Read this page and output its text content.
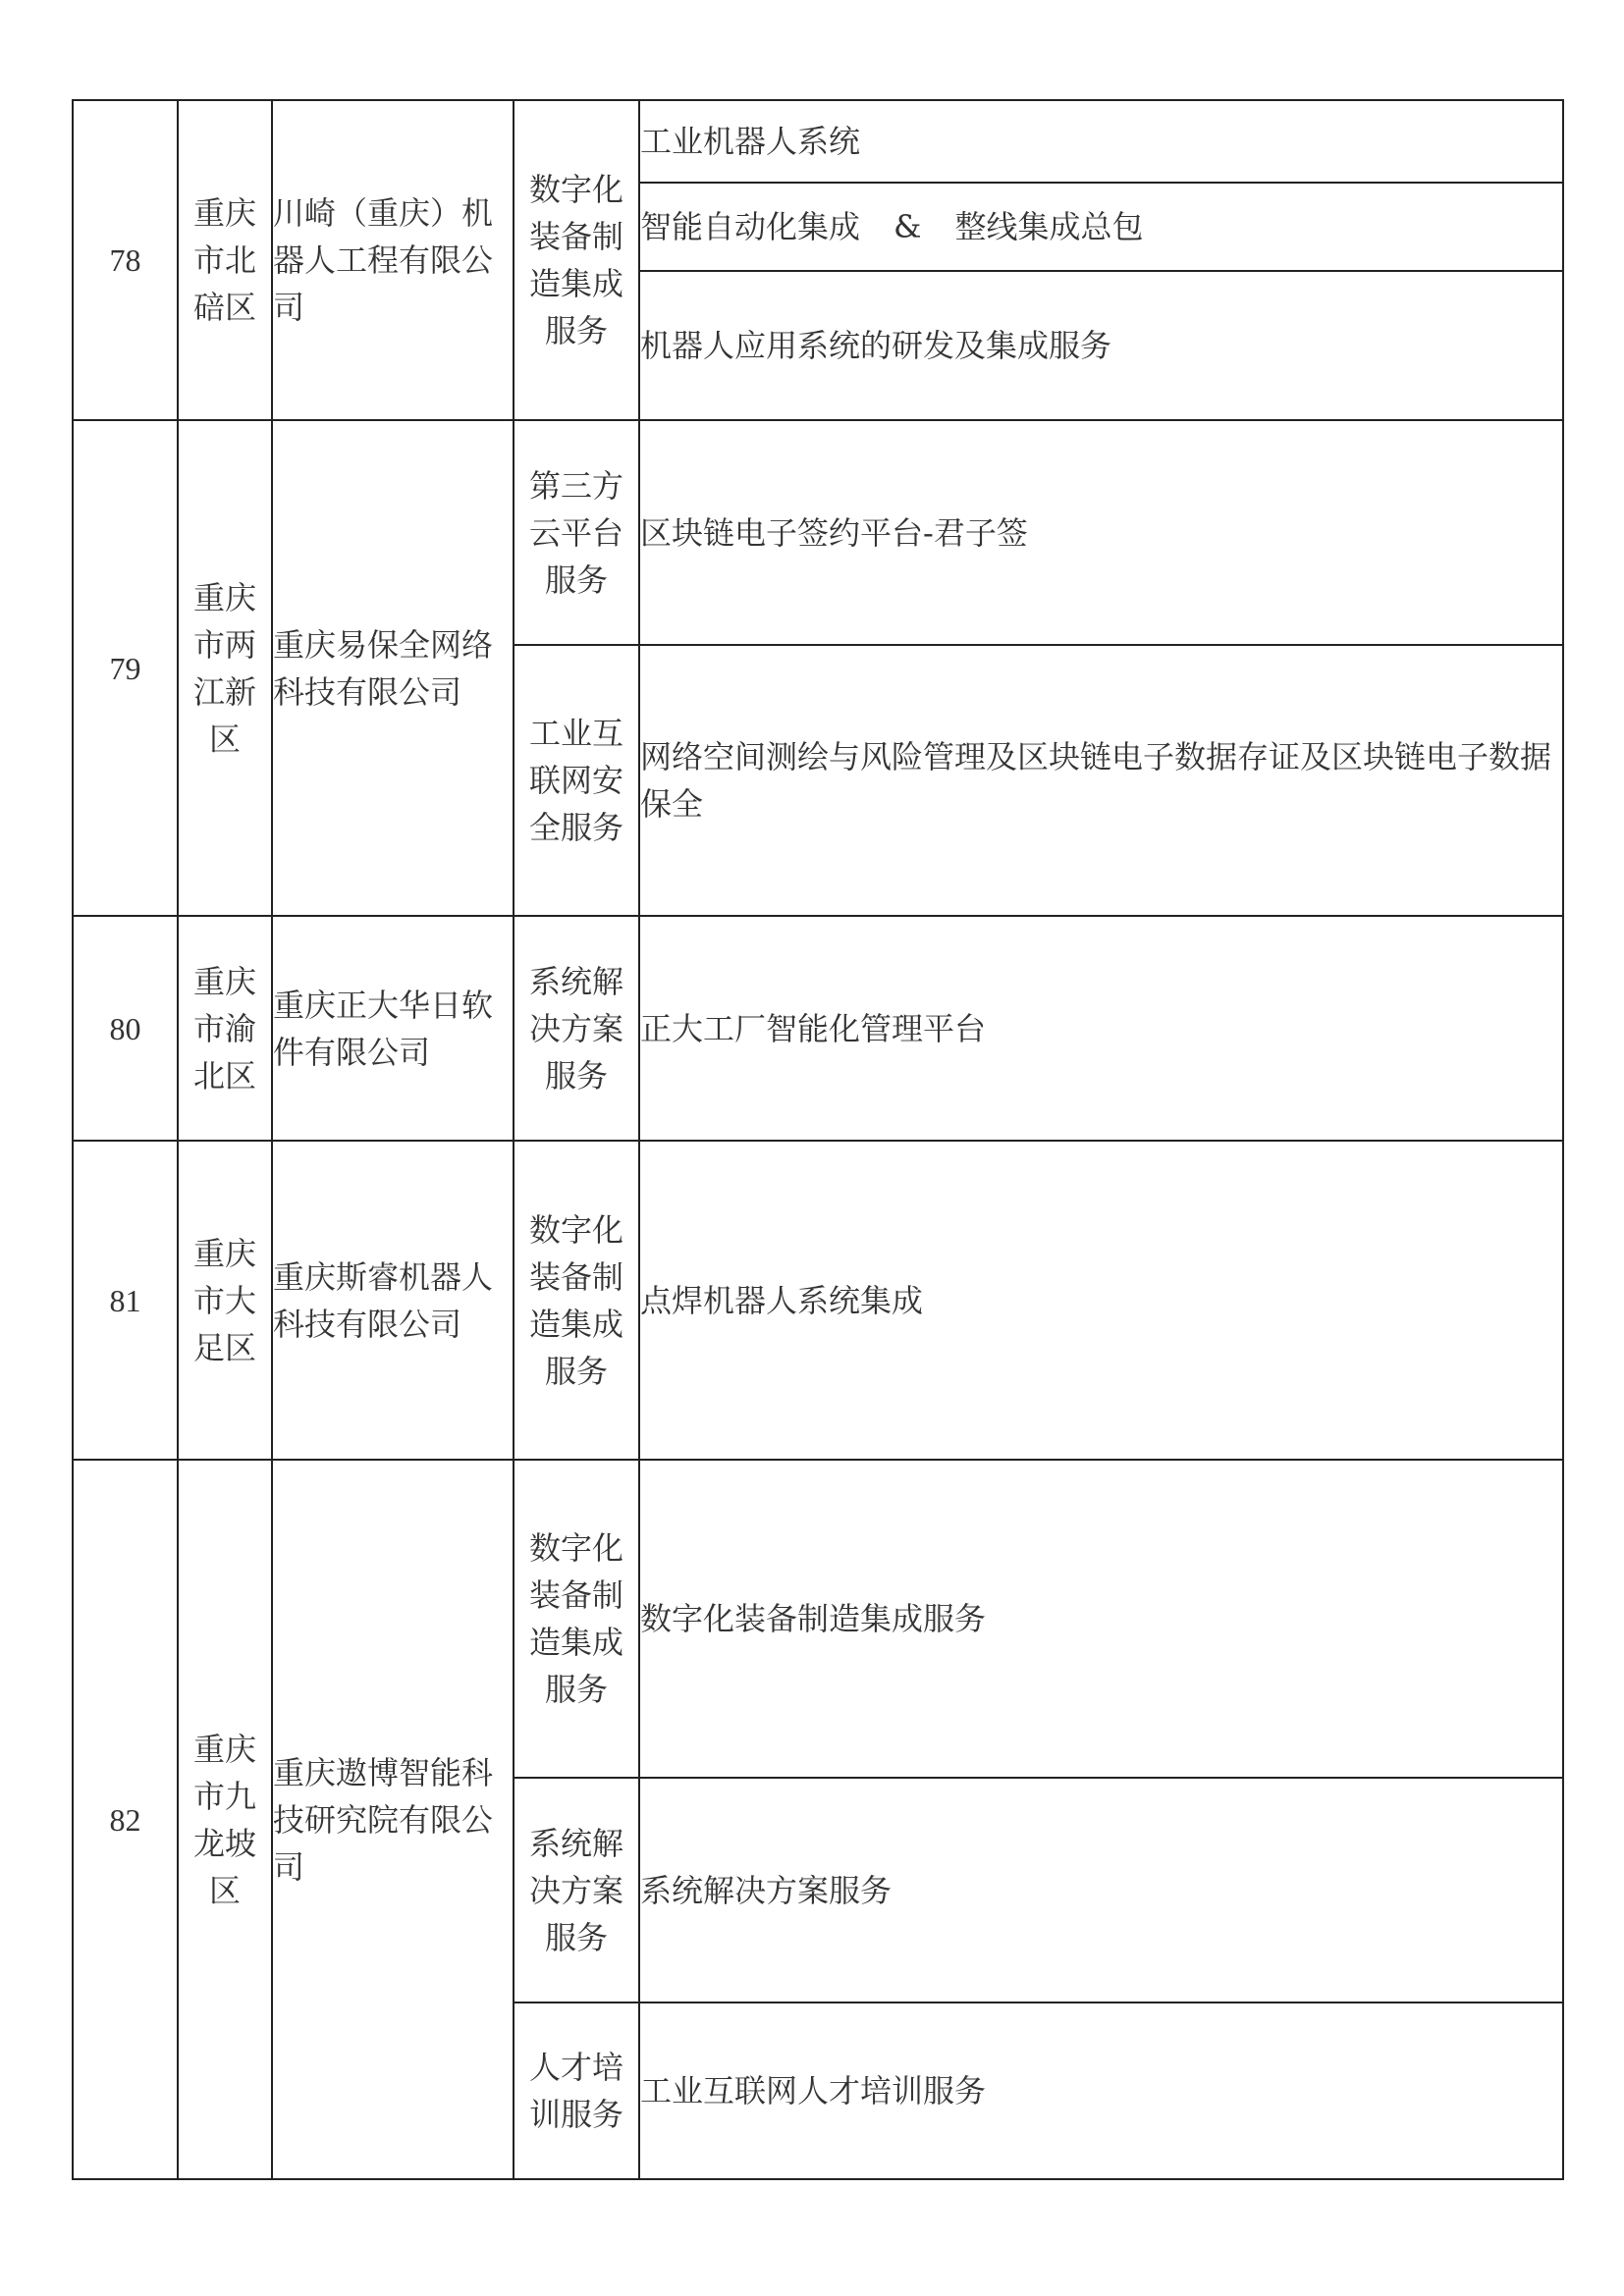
78	重庆市北碚区	川崎（重庆）机器人工程有限公司	数字化装备制造集成服务	工业机器人系统
				智能自动化集成 & 整线集成总包
				机器人应用系统的研发及集成服务
79	重庆市两江新区	重庆易保全网络科技有限公司	第三方云平台服务	区块链电子签约平台-君子签
			工业互联网安全服务	网络空间测绘与风险管理及区块链电子数据存证及区块链电子数据保全
80	重庆市渝北区	重庆正大华日软件有限公司	系统解决方案服务	正大工厂智能化管理平台
81	重庆市大足区	重庆斯睿机器人科技有限公司	数字化装备制造集成服务	点焊机器人系统集成
82	重庆市九龙坡区	重庆遨博智能科技研究院有限公司	数字化装备制造集成服务	数字化装备制造集成服务
			系统解决方案服务	系统解决方案服务
			人才培训服务	工业互联网人才培训服务
